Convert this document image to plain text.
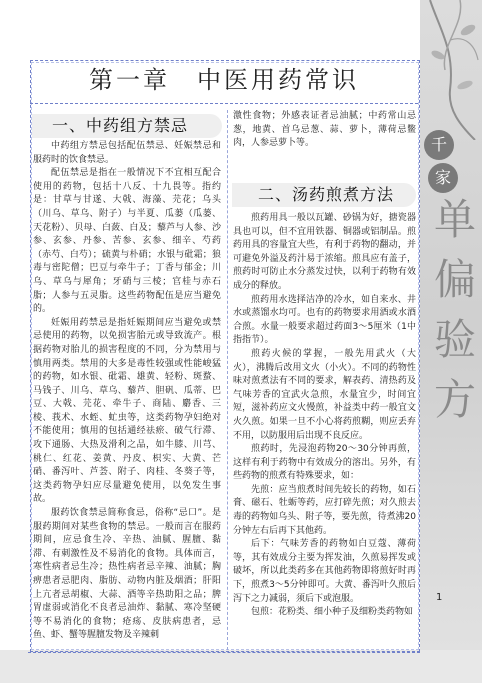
千
家
单偏验方
1
第一章　中医用药常识
一、中药组方禁忌

中药组方禁忌包括配伍禁忌、妊娠禁忌和服药时的饮食禁忌。

配伍禁忌是指在一般情况下不宜相互配合使用的药物，包括十八反、十九畏等。指约是：甘草与甘遂、大戟、海藻、芫花；乌头（川乌、草乌、附子）与半夏、瓜蒌（瓜蒌、天花粉）、贝母、白蔹、白及；藜芦与人参、沙参、玄参、丹参、苦参、玄参、细辛、芍药（赤芍、白芍）；硫黄与朴硝；水银与砒霜；狼毒与密陀僧；巴豆与牵牛子；丁香与郁金；川乌、草乌与犀角；牙硝与三棱；官桂与赤石脂；人参与五灵脂。这些药物配伍是应当避免的。

妊娠用药禁忌是指妊娠期间应当避免或禁忌使用的药物，以免损害胎元或导致流产。根据药物对胎儿的损害程度的不同，分为禁用与慎用两类。禁用的大多是毒性较强或性能峻猛的药物，如水银、砒霜、雄黄、轻粉、斑蝥、马钱子、川乌、草乌、藜芦、胆矾、瓜蒂、巴豆、大戟、芫花、牵牛子、商陆、麝香、三棱、莪术、水蛭、虻虫等，这类药物孕妇绝对不能使用；慎用的包括通经祛瘀、破气行滞、攻下通肠、大热及滑利之品，如牛膝、川芎、桃仁、红花、姜黄、丹皮、枳实、大黄、芒硝、番泻叶、芦荟、附子、肉桂、冬葵子等，这类药物孕妇应尽量避免使用，以免发生事故。

服药饮食禁忌简称食忌，俗称“忌口”。是服药期间对某些食物的禁忌。一般而言在服药期间，应忌食生冷、辛热、油腻、腥膻、黏滞、有刺激性及不易消化的食物。具体而言，寒性病者忌生冷；热性病者忌辛辣、油腻；胸痹患者忌肥肉、脂肪、动物内脏及烟酒；肝阳上亢者忌胡椒、大蒜、酒等辛热助阳之品；脾胃虚弱或消化不良者忌油炸、黏腻、寒冷坚硬等不易消化的食物；疮疡、皮肤病患者，忌鱼、虾、蟹等腥膻发物及辛辣刺

激性食物；外感表证者忌油腻；中药常山忌葱，地黄、首乌忌葱、蒜、萝卜，薄荷忌鳖肉，人参忌萝卜等。

二、汤药煎煮方法

煎药用具一般以瓦罐、砂锅为好，搪瓷器具也可以，但不宜用铁器、铜器或铝制品。煎药用具的容量宜大些，有利于药物的翻动，并可避免外溢及药汁易于浓缩。煎具应有盖子，煎药时可防止水分蒸发过快，以利于药物有效成分的释放。

煎药用水选择洁净的冷水，如自来水、井水或蒸馏水均可。也有的药物要求用酒或水酒合煎。水量一般要求超过药面3～5厘米（1中指指节）。

煎药火候的掌握，一般先用武火（大火），沸腾后改用文火（小火）。不同的药物性味对煎煮法有不同的要求，解表药、清热药及气味芳香的宜武火急煎，水量宜少，时间宜短，滋补药应文火慢煎，补益类中药一般宜文火久煎。如果一旦不小心将药煎糊，则应丢弃不用，以防服用后出现不良反应。

煎药时，先浸泡药物20～30分钟再煎，这样有利于药物中有效成分的溶出。另外，有些药物的煎煮有特殊要求，如：

先煎：应当煎煮时间先较长的药物，如石膏、磁石、牡蛎等药，应打碎先煎；对久煎去毒的药物如乌头、附子等，要先煎，待煮沸20分钟左右后再下其他药。

后下：气味芳香的药物如白豆蔻、薄荷等，其有效成分主要为挥发油，久煎易挥发或破坏，所以此类药多在其他药物即将煎好时再下，煎煮3～5分钟即可。大黄、番泻叶久煎后泻下之力减弱，须后下或泡服。

包煎：花粉类、细小种子及细粉类药物如
